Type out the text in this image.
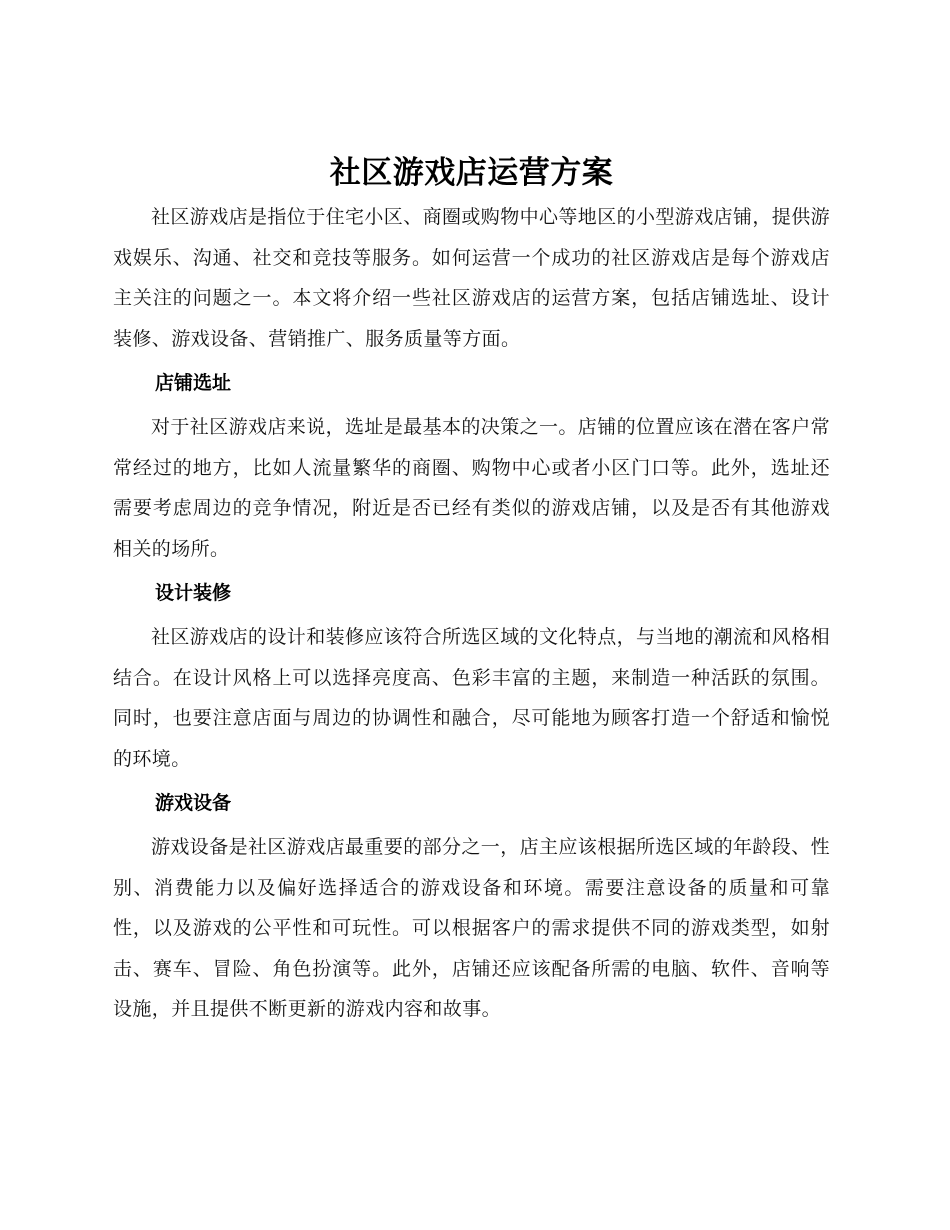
社区游戏店运营方案

社区游戏店是指位于住宅小区、商圈或购物中心等地区的小型游戏店铺，提供游戏娱乐、沟通、社交和竞技等服务。如何运营一个成功的社区游戏店是每个游戏店主关注的问题之一。本文将介绍一些社区游戏店的运营方案，包括店铺选址、设计装修、游戏设备、营销推广、服务质量等方面。

店铺选址

对于社区游戏店来说，选址是最基本的决策之一。店铺的位置应该在潜在客户常常经过的地方，比如人流量繁华的商圈、购物中心或者小区门口等。此外，选址还需要考虑周边的竞争情况，附近是否已经有类似的游戏店铺，以及是否有其他游戏相关的场所。

设计装修

社区游戏店的设计和装修应该符合所选区域的文化特点，与当地的潮流和风格相结合。在设计风格上可以选择亮度高、色彩丰富的主题，来制造一种活跃的氛围。同时，也要注意店面与周边的协调性和融合，尽可能地为顾客打造一个舒适和愉悦的环境。

游戏设备

游戏设备是社区游戏店最重要的部分之一，店主应该根据所选区域的年龄段、性别、消费能力以及偏好选择适合的游戏设备和环境。需要注意设备的质量和可靠性，以及游戏的公平性和可玩性。可以根据客户的需求提供不同的游戏类型，如射击、赛车、冒险、角色扮演等。此外，店铺还应该配备所需的电脑、软件、音响等设施，并且提供不断更新的游戏内容和故事。
